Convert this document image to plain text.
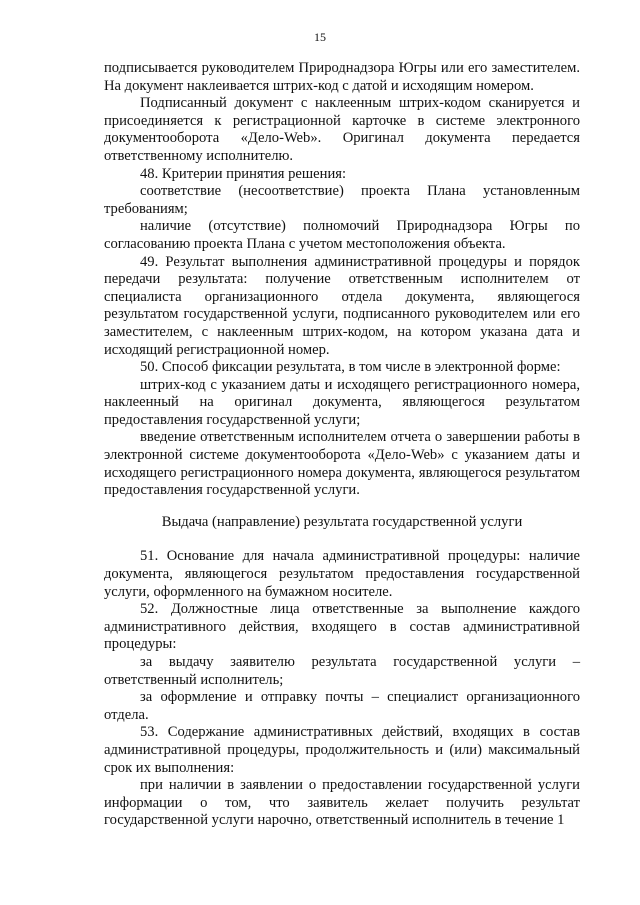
15

подписывается руководителем Природнадзора Югры или его заместителем. На документ наклеивается штрих-код с датой и исходящим номером.

Подписанный документ с наклеенным штрих-кодом сканируется и присоединяется к регистрационной карточке в системе электронного документооборота «Дело-Web». Оригинал документа передается ответственному исполнителю.

48. Критерии принятия решения:

соответствие (несоответствие) проекта Плана установленным требованиям;

наличие (отсутствие) полномочий Природнадзора Югры по согласованию проекта Плана с учетом местоположения объекта.

49. Результат выполнения административной процедуры и порядок передачи результата: получение ответственным исполнителем от специалиста организационного отдела документа, являющегося результатом государственной услуги, подписанного руководителем или его заместителем, с наклеенным штрих-кодом, на котором указана дата и исходящий регистрационной номер.

50. Способ фиксации результата, в том числе в электронной форме:

штрих-код с указанием даты и исходящего регистрационного номера, наклеенный на оригинал документа, являющегося результатом предоставления государственной услуги;

введение ответственным исполнителем отчета о завершении работы в электронной системе документооборота «Дело-Web» с указанием даты и исходящего регистрационного номера документа, являющегося результатом предоставления государственной услуги.

Выдача (направление) результата государственной услуги

51. Основание для начала административной процедуры: наличие документа, являющегося результатом предоставления государственной услуги, оформленного на бумажном носителе.

52. Должностные лица ответственные за выполнение каждого административного действия, входящего в состав административной процедуры:

за выдачу заявителю результата государственной услуги – ответственный исполнитель;

за оформление и отправку почты – специалист организационного отдела.

53. Содержание административных действий, входящих в состав административной процедуры, продолжительность и (или) максимальный срок их выполнения:

при наличии в заявлении о предоставлении государственной услуги информации о том, что заявитель желает получить результат государственной услуги нарочно, ответственный исполнитель в течение 1
